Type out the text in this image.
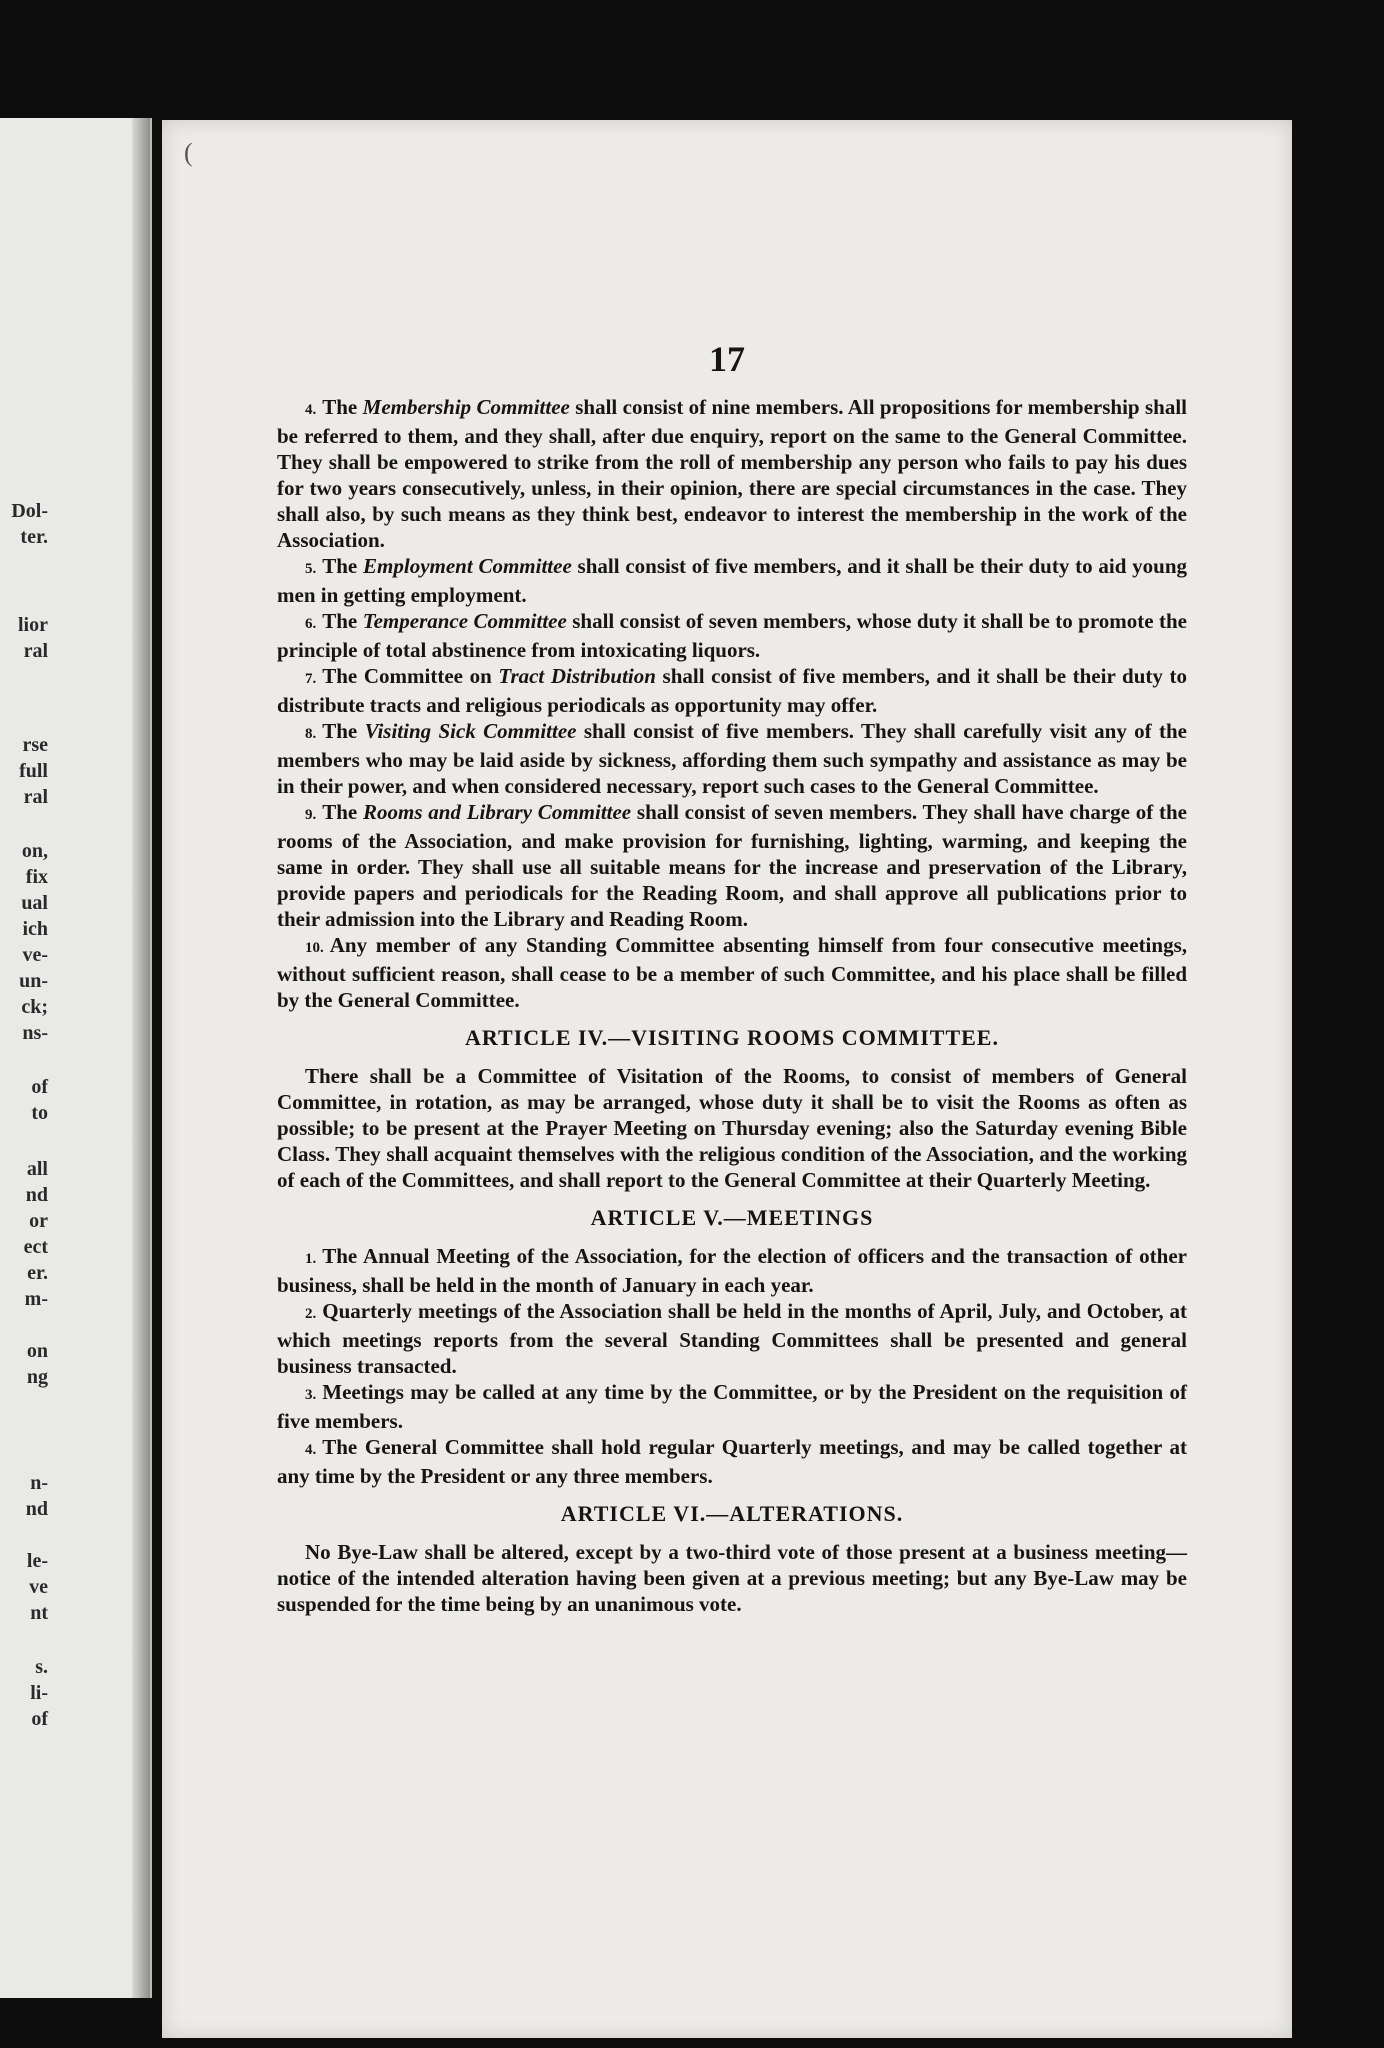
Dol-
ter.
lior
ral
rse
full
ral
on,
fix
ual
ich
ve-
un-
ck;
ns-
of
to
all
nd
or
ect
er.
m-
on
ng
n-
nd
le-
ve
nt
s.
li-
of
(
17

4. The Membership Committee shall consist of nine members. All propositions for membership shall be referred to them, and they shall, after due enquiry, report on the same to the General Committee. They shall be empowered to strike from the roll of membership any person who fails to pay his dues for two years consecutively, unless, in their opinion, there are special circumstances in the case. They shall also, by such means as they think best, endeavor to interest the membership in the work of the Association.

5. The Employment Committee shall consist of five members, and it shall be their duty to aid young men in getting employment.

6. The Temperance Committee shall consist of seven members, whose duty it shall be to promote the principle of total abstinence from intoxicating liquors.

7. The Committee on Tract Distribution shall consist of five members, and it shall be their duty to distribute tracts and religious periodicals as opportunity may offer.

8. The Visiting Sick Committee shall consist of five members. They shall carefully visit any of the members who may be laid aside by sickness, affording them such sympathy and assistance as may be in their power, and when considered necessary, report such cases to the General Committee.

9. The Rooms and Library Committee shall consist of seven members. They shall have charge of the rooms of the Association, and make provision for furnishing, lighting, warming, and keeping the same in order. They shall use all suitable means for the increase and preservation of the Library, provide papers and periodicals for the Reading Room, and shall approve all publications prior to their admission into the Library and Reading Room.

10. Any member of any Standing Committee absenting himself from four consecutive meetings, without sufficient reason, shall cease to be a member of such Committee, and his place shall be filled by the General Committee.

ARTICLE IV.—VISITING ROOMS COMMITTEE.

There shall be a Committee of Visitation of the Rooms, to consist of members of General Committee, in rotation, as may be arranged, whose duty it shall be to visit the Rooms as often as possible; to be present at the Prayer Meeting on Thursday evening; also the Saturday evening Bible Class. They shall acquaint themselves with the religious condition of the Association, and the working of each of the Committees, and shall report to the General Committee at their Quarterly Meeting.

ARTICLE V.—MEETINGS

1. The Annual Meeting of the Association, for the election of officers and the transaction of other business, shall be held in the month of January in each year.

2. Quarterly meetings of the Association shall be held in the months of April, July, and October, at which meetings reports from the several Standing Committees shall be presented and general business transacted.

3. Meetings may be called at any time by the Committee, or by the President on the requisition of five members.

4. The General Committee shall hold regular Quarterly meetings, and may be called together at any time by the President or any three members.

ARTICLE VI.—ALTERATIONS.

No Bye-Law shall be altered, except by a two-third vote of those present at a business meeting—notice of the intended alteration having been given at a previous meeting; but any Bye-Law may be suspended for the time being by an unanimous vote.
